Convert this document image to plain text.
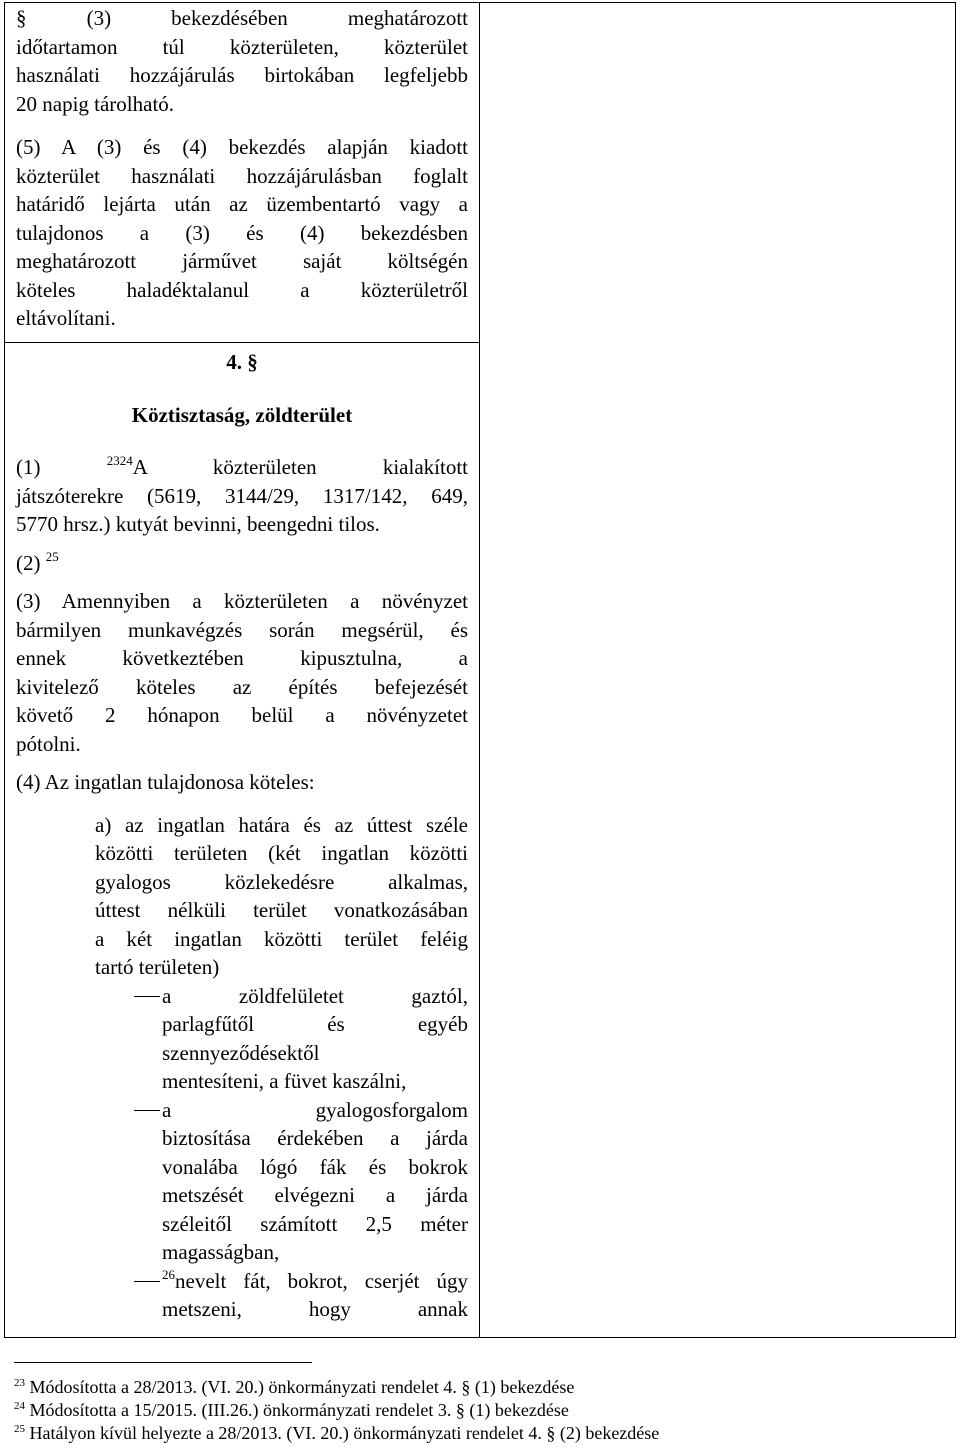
§ (3) bekezdésében meghatározott
időtartamon túl közterületen, közterület
használati hozzájárulás birtokában legfeljebb
20 napig tárolható.
(5) A (3) és (4) bekezdés alapján kiadott
közterület használati hozzájárulásban foglalt
határidő lejárta után az üzembentartó vagy a
tulajdonos a (3) és (4) bekezdésben
meghatározott járművet saját költségén
köteles haladéktalanul a közterületről
eltávolítani.
4. §
Köztisztaság, zöldterület
(1)	$^{2324}$A közterületen kialakított
játszóterekre (5619, 3144/29, 1317/142, 649,
5770 hrsz.) kutyát bevinni, beengedni tilos.
(2) $^{25}$
(3) Amennyiben a közterületen a növényzet
bármilyen munkavégzés során megsérül, és
ennek következtében kipusztulna, a
kivitelező köteles az építés befejezését
követő 2 hónapon belül a növényzetet
pótolni.
(4) Az ingatlan tulajdonosa köteles:
a) az ingatlan határa és az úttest széle
közötti területen (két ingatlan közötti
gyalogos közlekedésre alkalmas,
úttest nélküli terület vonatkozásában
a két ingatlan közötti terület feléig
tartó területen)
a zöldfelületet gaztól,
parlagfűtől és egyéb
szennyeződésektől
mentesíteni, a füvet kaszálni,
a gyalogosforgalom
biztosítása érdekében a járda
vonalába lógó fák és bokrok
metszését elvégezni a járda
széleitől számított 2,5 méter
magasságban,
$^{26}$nevelt fát, bokrot, cserjét úgy
metszeni, hogy annak
$^{23}$ Módosította a 28/2013. (VI. 20.) önkormányzati rendelet 4. § (1) bekezdése
$^{24}$ Módosította a 15/2015. (III.26.) önkormányzati rendelet 3. § (1) bekezdése
$^{25}$ Hatályon kívül helyezte a 28/2013. (VI. 20.) önkormányzati rendelet 4. § (2) bekezdése
